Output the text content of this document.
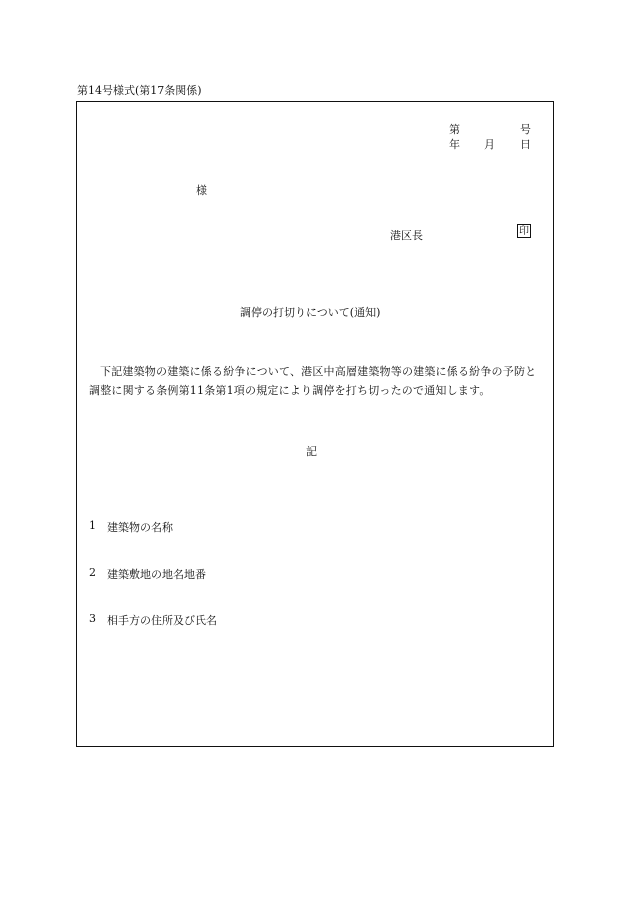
第14号様式(第17条関係)
第	号
年 月 日
様
港区長	印
調停の打切りについて(通知)
下記建築物の建築に係る紛争について、港区中高層建築物等の建築に係る紛争の予防と調整に関する条例第11条第1項の規定により調停を打ち切ったので通知します。
記
1 建築物の名称
2 建築敷地の地名地番
3 相手方の住所及び氏名
